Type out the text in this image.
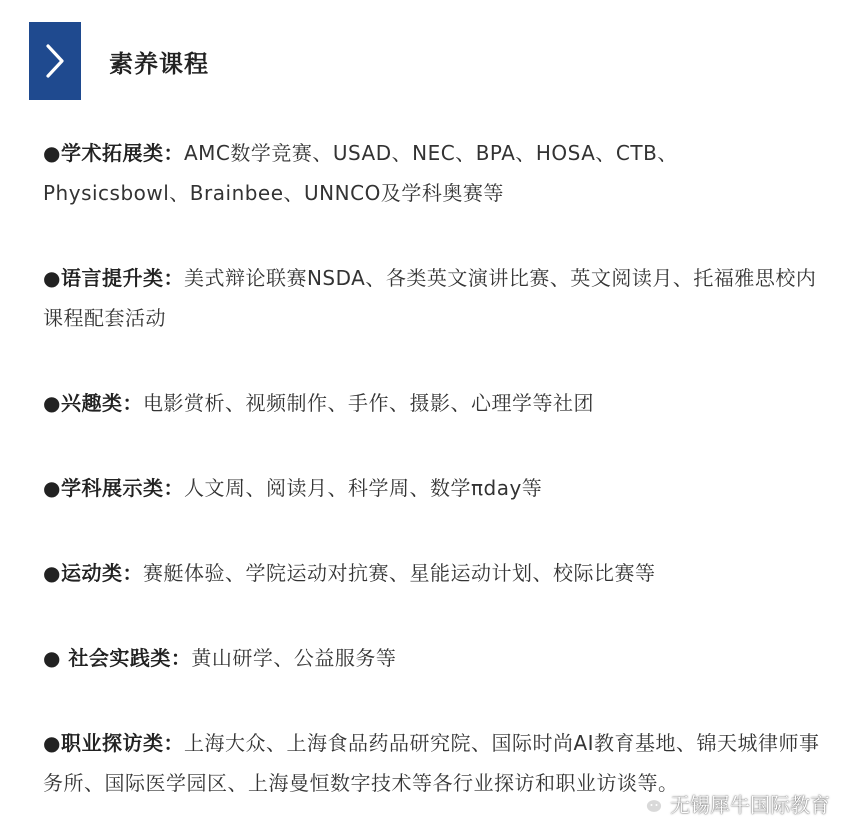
素养课程

●学术拓展类：AMC数学竞赛、USAD、NEC、BPA、HOSA、CTB、Physicsbowl、Brainbee、UNNCO及学科奥赛等

●语言提升类：美式辩论联赛NSDA、各类英文演讲比赛、英文阅读月、托福雅思校内课程配套活动

●兴趣类：电影赏析、视频制作、手作、摄影、心理学等社团

●学科展示类：人文周、阅读月、科学周、数学πday等

●运动类：赛艇体验、学院运动对抗赛、星能运动计划、校际比赛等

● 社会实践类：黄山研学、公益服务等

●职业探访类：上海大众、上海食品药品研究院、国际时尚AI教育基地、锦天城律师事务所、国际医学园区、上海曼恒数字技术等各行业探访和职业访谈等。

无锡犀牛国际教育
